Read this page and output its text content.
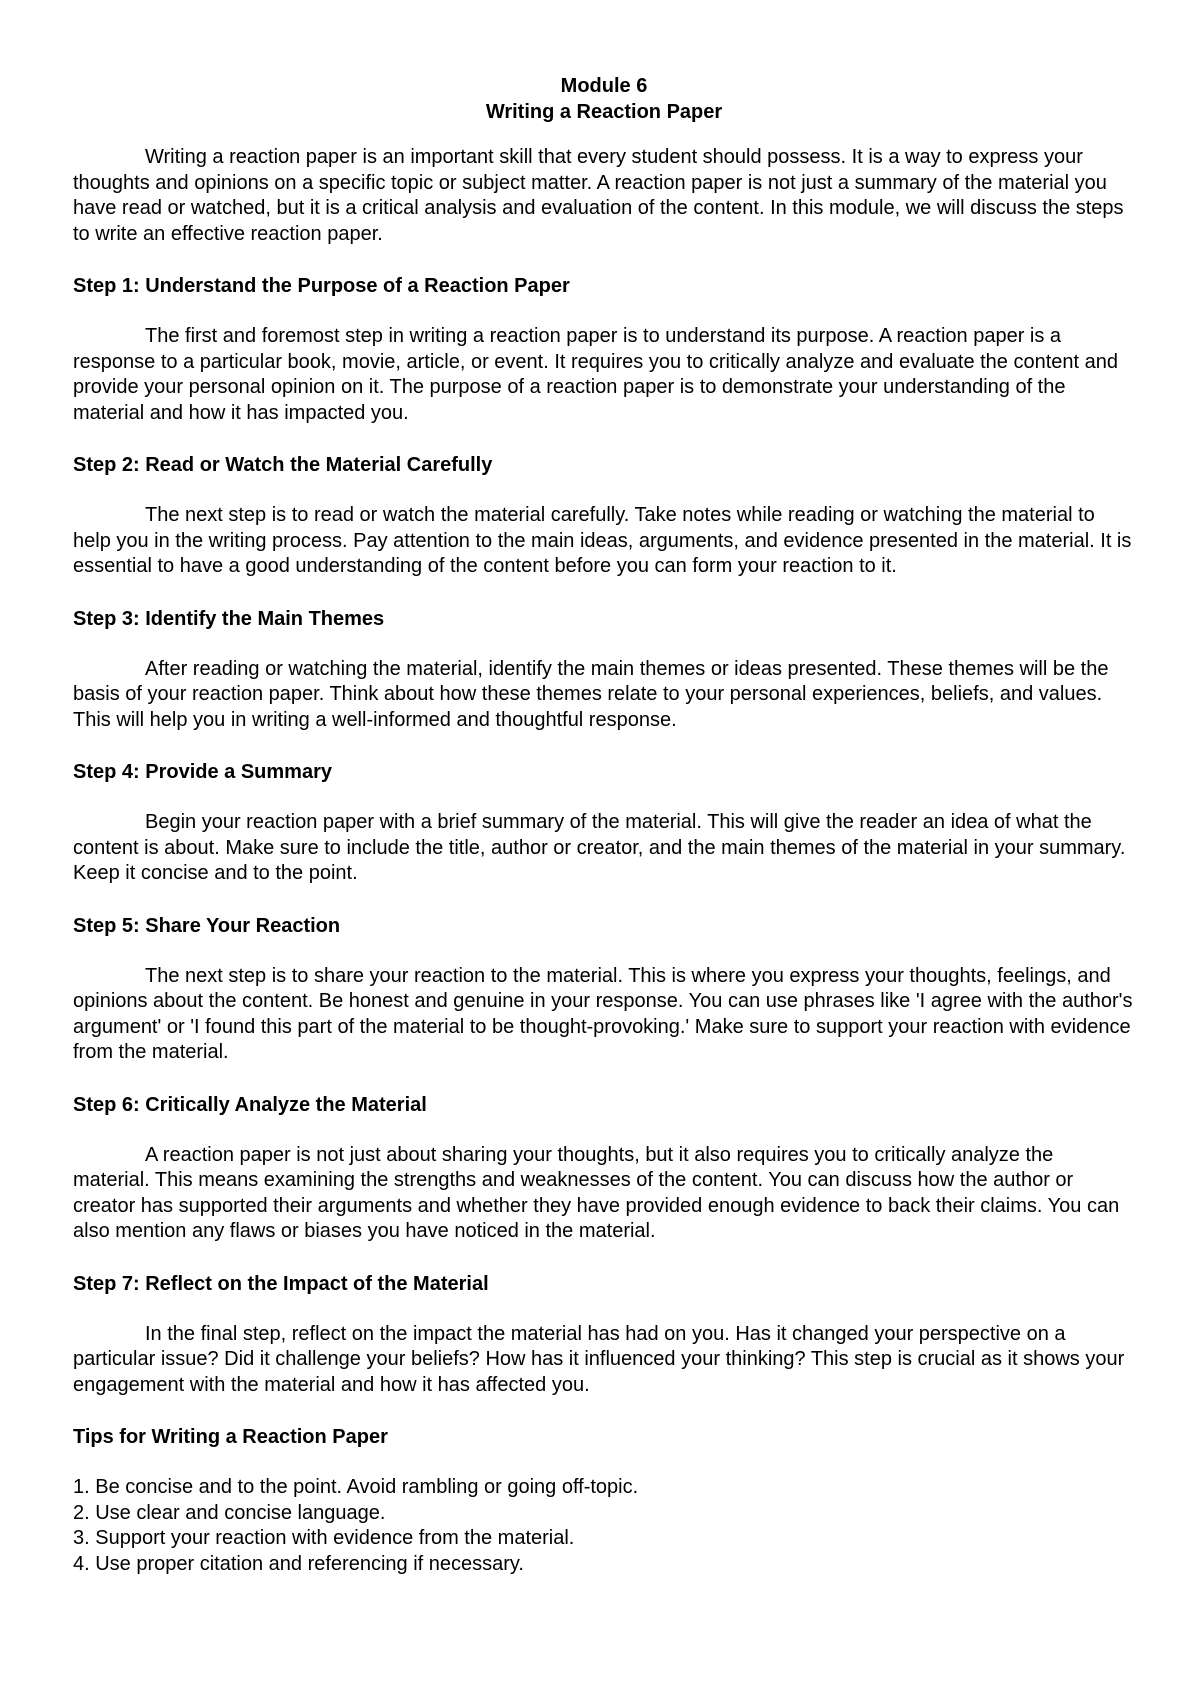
Module 6
Writing a Reaction Paper

Writing a reaction paper is an important skill that every student should possess. It is a way to express your thoughts and opinions on a specific topic or subject matter. A reaction paper is not just a summary of the material you have read or watched, but it is a critical analysis and evaluation of the content. In this module, we will discuss the steps to write an effective reaction paper.

Step 1: Understand the Purpose of a Reaction Paper

The first and foremost step in writing a reaction paper is to understand its purpose. A reaction paper is a response to a particular book, movie, article, or event. It requires you to critically analyze and evaluate the content and provide your personal opinion on it. The purpose of a reaction paper is to demonstrate your understanding of the material and how it has impacted you.

Step 2: Read or Watch the Material Carefully

The next step is to read or watch the material carefully. Take notes while reading or watching the material to help you in the writing process. Pay attention to the main ideas, arguments, and evidence presented in the material. It is essential to have a good understanding of the content before you can form your reaction to it.

Step 3: Identify the Main Themes

After reading or watching the material, identify the main themes or ideas presented. These themes will be the basis of your reaction paper. Think about how these themes relate to your personal experiences, beliefs, and values. This will help you in writing a well-informed and thoughtful response.

Step 4: Provide a Summary

Begin your reaction paper with a brief summary of the material. This will give the reader an idea of what the content is about. Make sure to include the title, author or creator, and the main themes of the material in your summary. Keep it concise and to the point.

Step 5: Share Your Reaction

The next step is to share your reaction to the material. This is where you express your thoughts, feelings, and opinions about the content. Be honest and genuine in your response. You can use phrases like 'I agree with the author's argument' or 'I found this part of the material to be thought-provoking.' Make sure to support your reaction with evidence from the material.

Step 6: Critically Analyze the Material

A reaction paper is not just about sharing your thoughts, but it also requires you to critically analyze the material. This means examining the strengths and weaknesses of the content. You can discuss how the author or creator has supported their arguments and whether they have provided enough evidence to back their claims. You can also mention any flaws or biases you have noticed in the material.

Step 7: Reflect on the Impact of the Material

In the final step, reflect on the impact the material has had on you. Has it changed your perspective on a particular issue? Did it challenge your beliefs? How has it influenced your thinking? This step is crucial as it shows your engagement with the material and how it has affected you.

Tips for Writing a Reaction Paper
1. Be concise and to the point. Avoid rambling or going off-topic.
2. Use clear and concise language.
3. Support your reaction with evidence from the material.
4. Use proper citation and referencing if necessary.
